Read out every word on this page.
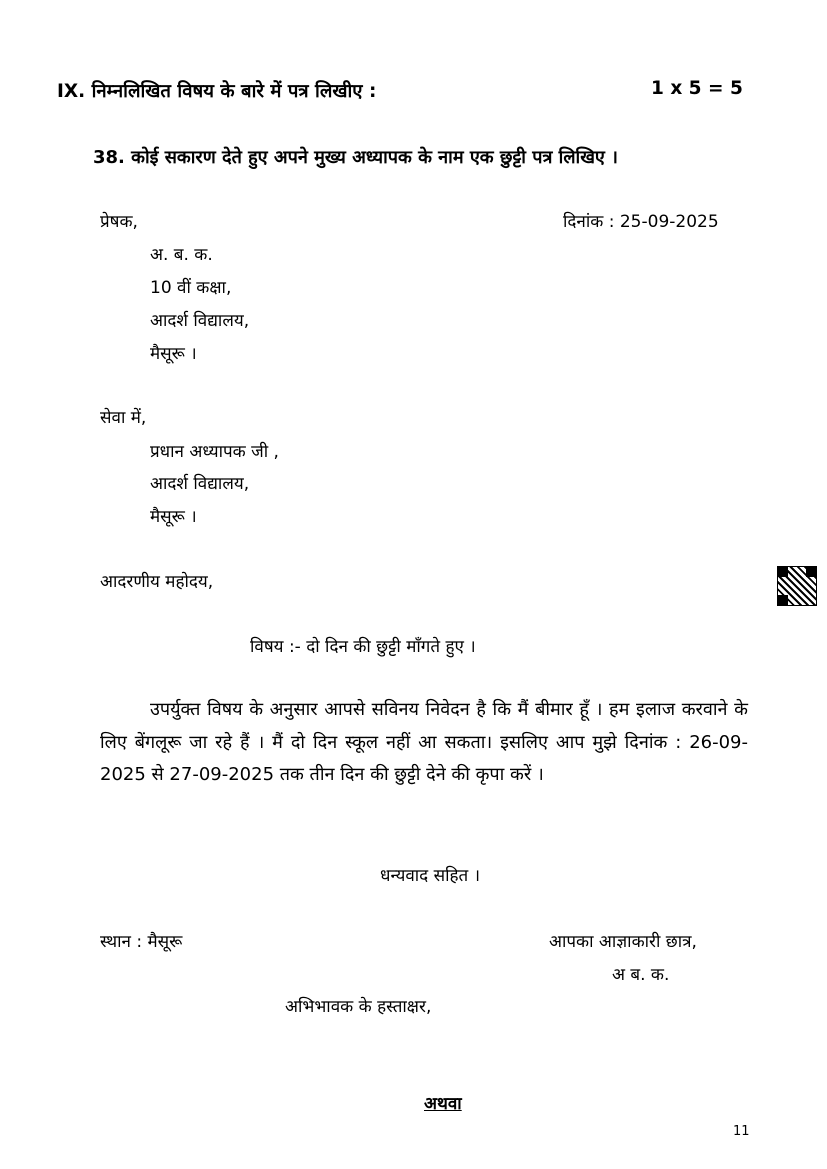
IX. निम्नलिखित विषय के बारे में पत्र लिखीए :	1 x 5 = 5
38. कोई सकारण देते हुए अपने मुख्य अध्यापक के नाम एक छुट्टी पत्र लिखिए ।
प्रेषक,	दिनांक : 25-09-2025
अ. ब. क.
10 वीं कक्षा,
आदर्श विद्यालय,
मैसूरू ।
सेवा में,
प्रधान अध्यापक जी ,
आदर्श विद्यालय,
मैसूरू ।
आदरणीय महोदय,
विषय :- दो दिन की छुट्टी माँगते हुए ।
उपर्युक्त विषय के अनुसार आपसे सविनय निवेदन है कि मैं बीमार हूँ । हम इलाज करवाने के लिए बेंगलूरू जा रहे हैं । मैं दो दिन स्कूल नहीं आ सकता। इसलिए आप मुझे दिनांक : 26-09-2025 से 27-09-2025 तक तीन दिन की छुट्टी देने की कृपा करें ।
धन्यवाद सहित ।
स्थान : मैसूरू	आपका आज्ञाकारी छात्र,
अ ब. क.
अभिभावक के हस्ताक्षर,
अथवा
11
